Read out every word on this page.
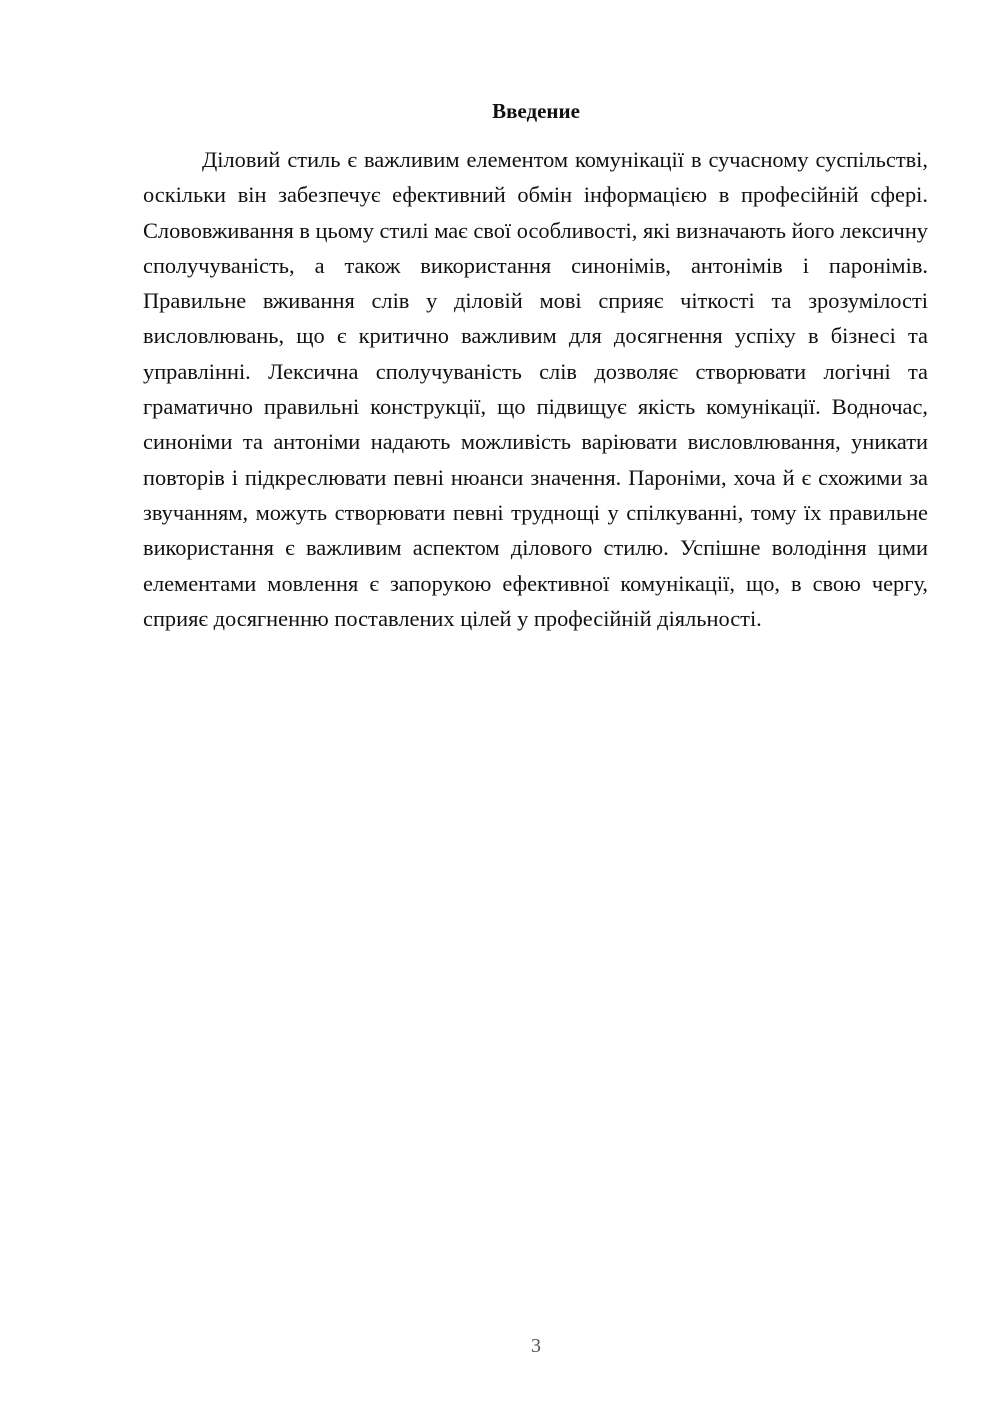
Введение

Діловий стиль є важливим елементом комунікації в сучасному суспільстві, оскільки він забезпечує ефективний обмін інформацією в професійній сфері. Слововживання в цьому стилі має свої особливості, які визначають його лексичну сполучуваність, а також використання синонімів, антонімів і паронімів. Правильне вживання слів у діловій мові сприяє чіткості та зрозумілості висловлювань, що є критично важливим для досягнення успіху в бізнесі та управлінні. Лексична сполучуваність слів дозволяє створювати логічні та граматично правильні конструкції, що підвищує якість комунікації. Водночас, синоніми та антоніми надають можливість варіювати висловлювання, уникати повторів і підкреслювати певні нюанси значення. Пароніми, хоча й є схожими за звучанням, можуть створювати певні труднощі у спілкуванні, тому їх правильне використання є важливим аспектом ділового стилю. Успішне володіння цими елементами мовлення є запорукою ефективної комунікації, що, в свою чергу, сприяє досягненню поставлених цілей у професійній діяльності.

3
